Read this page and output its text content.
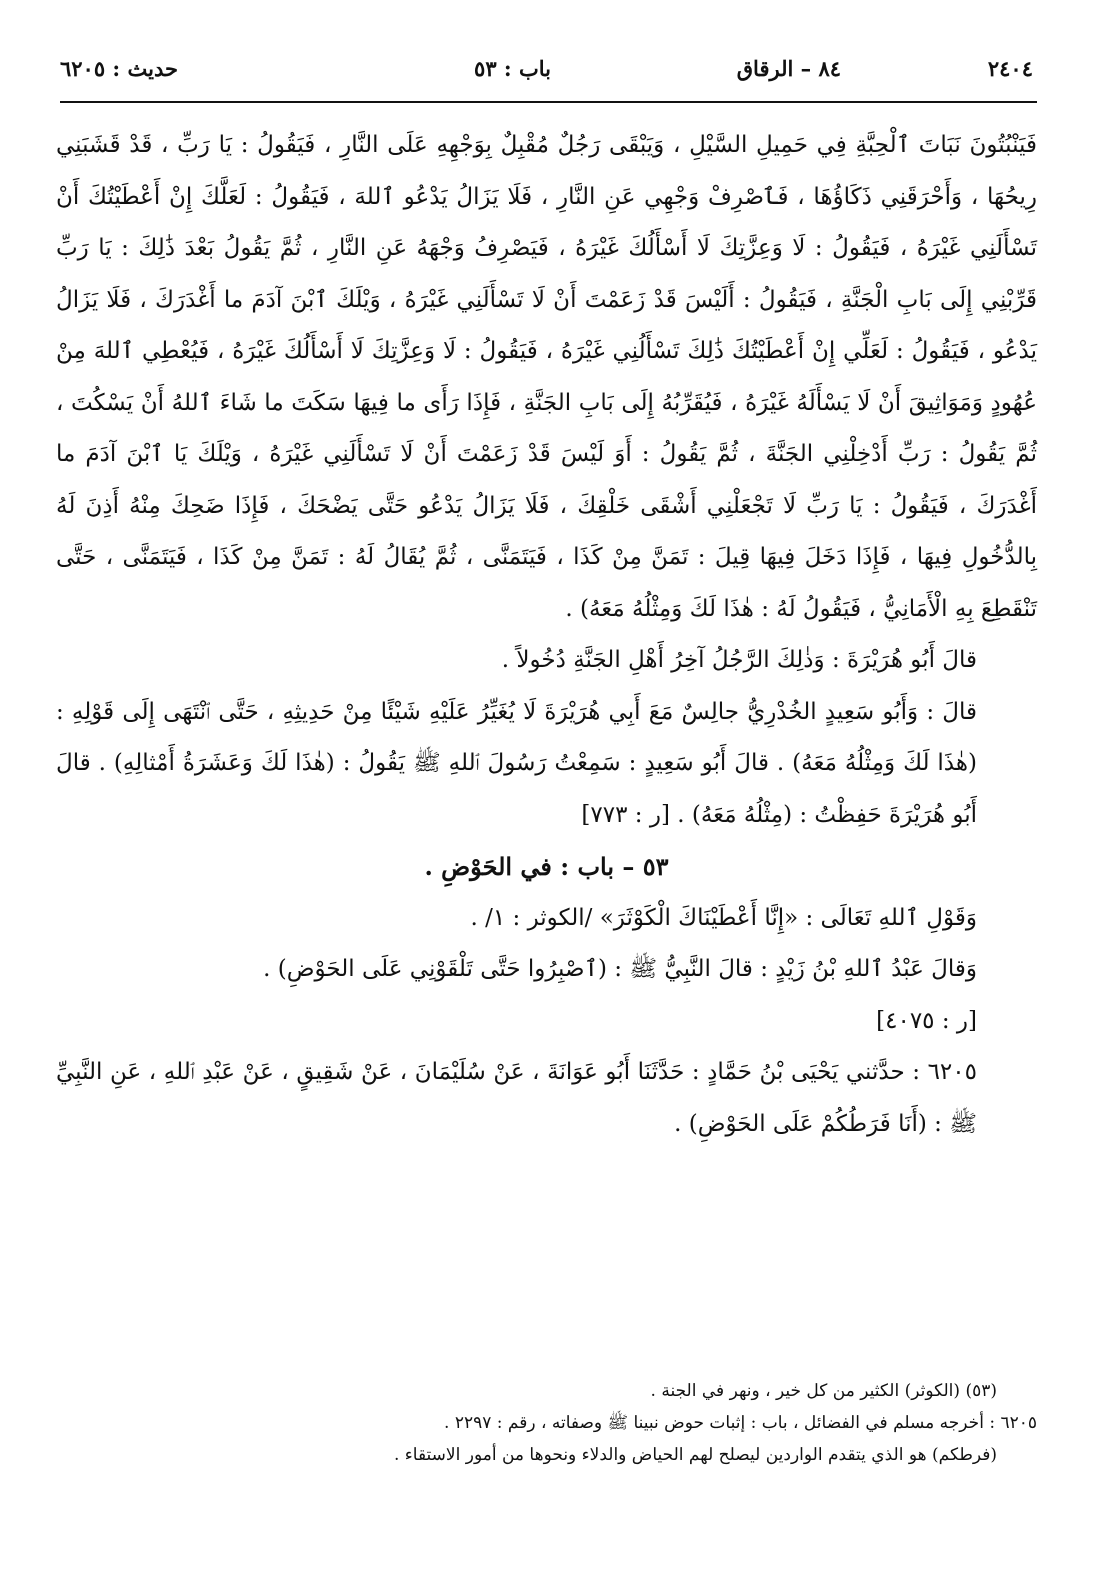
٢٤٠٤
٨٤ – الرقاق
باب : ٥٣
حديث : ٦٢٠٥

فَيَنْبُتُونَ نَبَاتَ ٱلْحِبَّةِ فِي حَمِيلِ السَّيْلِ ، وَيَبْقَى رَجُلٌ مُقْبِلٌ بِوَجْهِهِ عَلَى النَّارِ ، فَيَقُولُ : يَا رَبِّ ، قَدْ قَشَبَنِي رِيحُهَا ، وَأَحْرَقَنِي ذَكَاؤُهَا ، فَٱصْرِفْ وَجْهِي عَنِ النَّارِ ، فَلَا يَزَالُ يَدْعُو ٱللهَ ، فَيَقُولُ : لَعَلَّكَ إِنْ أَعْطَيْتُكَ أَنْ تَسْأَلَنِي غَيْرَهُ ، فَيَقُولُ : لَا وَعِزَّتِكَ لَا أَسْأَلُكَ غَيْرَهُ ، فَيَصْرِفُ وَجْهَهُ عَنِ النَّارِ ، ثُمَّ يَقُولُ بَعْدَ ذَٰلِكَ : يَا رَبِّ قَرِّبْنِي إِلَى بَابِ الْجَنَّةِ ، فَيَقُولُ : أَلَيْسَ قَدْ زَعَمْتَ أَنْ لَا تَسْأَلَنِي غَيْرَهُ ، وَيْلَكَ ٱبْنَ آدَمَ ما أَغْدَرَكَ ، فَلَا يَزَالُ يَدْعُو ، فَيَقُولُ : لَعَلِّي إِنْ أَعْطَيْتُكَ ذَٰلِكَ تَسْأَلُنِي غَيْرَهُ ، فَيَقُولُ : لَا وَعِزَّتِكَ لَا أَسْأَلُكَ غَيْرَهُ ، فَيُعْطِي ٱللهَ مِنْ عُهُودٍ وَمَوَاثِيقَ أَنْ لَا يَسْأَلَهُ غَيْرَهُ ، فَيُقَرِّبُهُ إِلَى بَابِ الجَنَّةِ ، فَإِذَا رَأَى ما فِيهَا سَكَتَ ما شَاءَ ٱللهُ أَنْ يَسْكُتَ ، ثُمَّ يَقُولُ : رَبِّ أَدْخِلْنِي الجَنَّةَ ، ثُمَّ يَقُولُ : أَوَ لَيْسَ قَدْ زَعَمْتَ أَنْ لَا تَسْأَلَنِي غَيْرَهُ ، وَيْلَكَ يَا ٱبْنَ آدَمَ ما أَغْدَرَكَ ، فَيَقُولُ : يَا رَبِّ لَا تَجْعَلْنِي أَشْقَى خَلْقِكَ ، فَلَا يَزَالُ يَدْعُو حَتَّى يَضْحَكَ ، فَإِذَا ضَحِكَ مِنْهُ أَذِنَ لَهُ بِالدُّخُولِ فِيهَا ، فَإِذَا دَخَلَ فِيهَا قِيلَ : تَمَنَّ مِنْ كَذَا ، فَيَتَمَنَّى ، ثُمَّ يُقَالُ لَهُ : تَمَنَّ مِنْ كَذَا ، فَيَتَمَنَّى ، حَتَّى تَنْقَطِعَ بِهِ الْأَمَانِيُّ ، فَيَقُولُ لَهُ : هٰذَا لَكَ وَمِثْلُهُ مَعَهُ) .

قالَ أَبُو هُرَيْرَةَ : وَذٰلِكَ الرَّجُلُ آخِرُ أَهْلِ الجَنَّةِ دُخُولاً .

قالَ : وَأَبُو سَعِيدٍ الخُدْرِيُّ جالِسٌ مَعَ أَبِي هُرَيْرَةَ لَا يُغَيِّرُ عَلَيْهِ شَيْئًا مِنْ حَدِيثِهِ ، حَتَّى ٱنْتَهَى إِلَى قَوْلِهِ : (هٰذَا لَكَ وَمِثْلُهُ مَعَهُ) . قالَ أَبُو سَعِيدٍ : سَمِعْتُ رَسُولَ ٱللهِ ﷺ يَقُولُ : (هٰذَا لَكَ وَعَشَرَةُ أَمْثالِهِ) . قالَ أَبُو هُرَيْرَةَ حَفِظْتُ : (مِثْلُهُ مَعَهُ) . [ر : ٧٧٣]

٥٣ – باب : في الحَوْضِ .

وَقَوْلِ ٱللهِ تَعَالَى : «إِنَّا أَعْطَيْنَاكَ الْكَوْثَرَ» /الكوثر : ١/ .

وَقالَ عَبْدُ ٱللهِ بْنُ زَيْدٍ : قالَ النَّبِيُّ ﷺ : (ٱصْبِرُوا حَتَّى تَلْقَوْنِي عَلَى الحَوْضِ) .

[ر : ٤٠٧٥]

٦٢٠٥ : حدَّثني يَحْيَى بْنُ حَمَّادٍ : حَدَّثَنَا أَبُو عَوَانَةَ ، عَنْ سُلَيْمَانَ ، عَنْ شَقِيقٍ ، عَنْ عَبْدِ ٱللهِ ، عَنِ النَّبِيِّ ﷺ : (أَنَا فَرَطُكُمْ عَلَى الحَوْضِ) .

(٥٣) (الكوثر) الكثير من كل خير ، ونهر في الجنة .

٦٢٠٥ : أخرجه مسلم في الفضائل ، باب : إثبات حوض نبينا ﷺ وصفاته ، رقم : ٢٢٩٧ .

(فرطكم) هو الذي يتقدم الواردين ليصلح لهم الحياض والدلاء ونحوها من أمور الاستقاء .
